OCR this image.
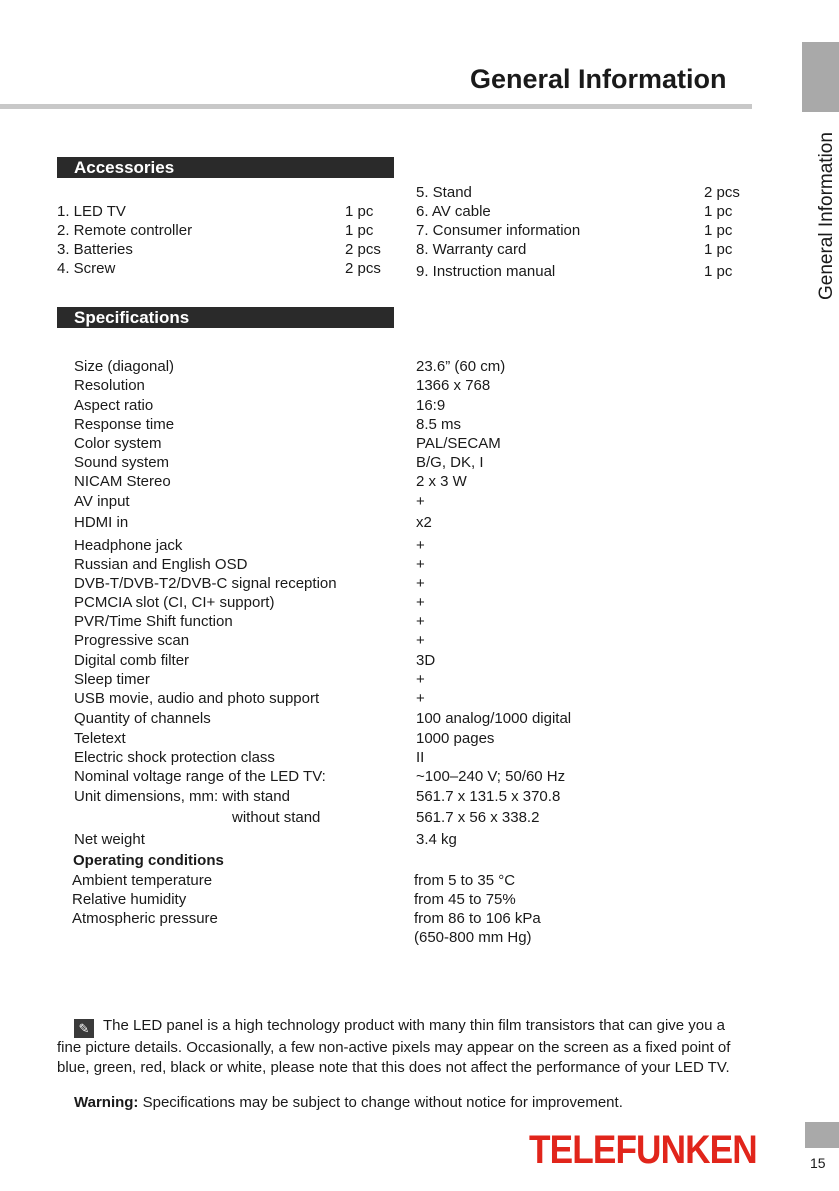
General Information
General Information
Accessories
1. LED TV	1 pc
2. Remote controller	1 pc
3. Batteries	2 pcs
4. Screw	2 pcs
5. Stand	2 pcs
6. AV cable	1 pc
7. Consumer information	1 pc
8. Warranty card	1 pc
9. Instruction manual	1 pc
Specifications
Size (diagonal)	23.6” (60 cm)
Resolution	1366 x 768
Aspect ratio	16:9
Response time	8.5 ms
Color system	PAL/SECAM
Sound system	B/G, DK, I
NICAM Stereo	2 x 3 W
AV input	+
HDMI in	x2
Headphone jack	+
Russian and English OSD	+
DVB-T/DVB-T2/DVB-C signal reception	+
PCMCIA slot (CI, CI+ support)	+
PVR/Time Shift function	+
Progressive scan	+
Digital comb filter	3D
Sleep timer	+
USB movie, audio and photo support	+
Quantity of channels	100 analog/1000 digital
Teletext	1000 pages
Electric shock protection class	II
Nominal voltage range of the LED TV:	~100–240 V; 50/60 Hz
Unit dimensions, mm: with stand	561.7 x 131.5 x 370.8
without stand	561.7 x 56 x 338.2
Net weight	3.4 kg
Operating conditions
Ambient temperature	from 5 to 35 °C
Relative humidity	from 45 to 75%
Atmospheric pressure	from 86 to 106 kPa
(650-800 mm Hg)
✎ The LED panel is a high technology product with many thin film transistors that can give you a fine picture details. Occasionally, a few non-active pixels may appear on the screen as a fixed point of blue, green, red, black or white, please note that this does not affect the performance of your LED TV.
Warning: Specifications may be subject to change without notice for improvement.
TELEFUNKEN	15
